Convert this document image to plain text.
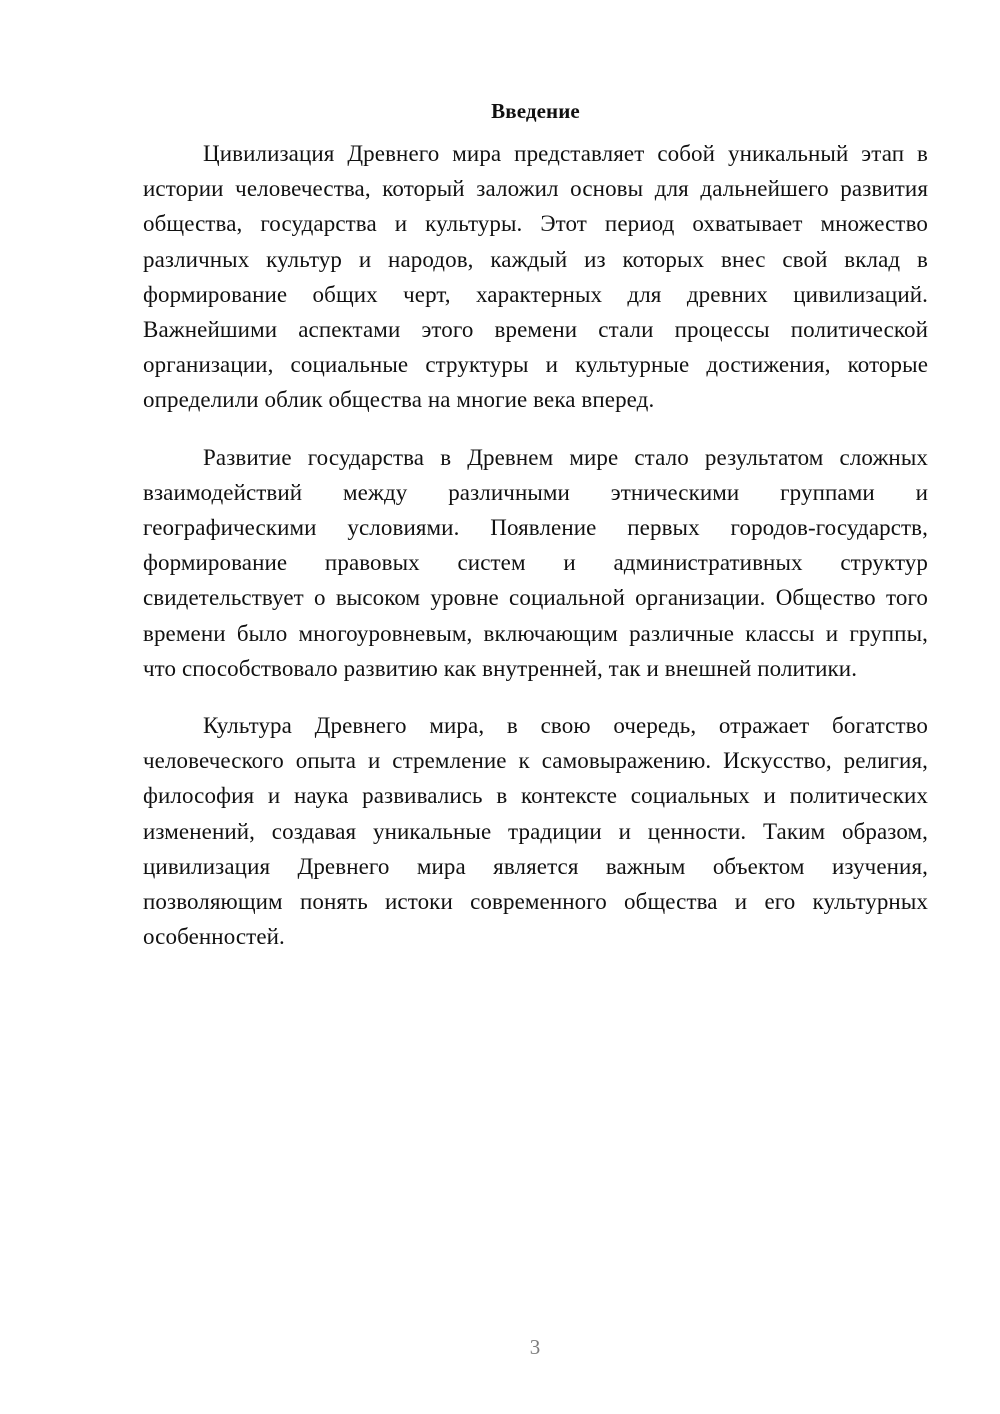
Введение

Цивилизация Древнего мира представляет собой уникальный этап в истории человечества, который заложил основы для дальнейшего развития общества, государства и культуры. Этот период охватывает множество различных культур и народов, каждый из которых внес свой вклад в формирование общих черт, характерных для древних цивилизаций. Важнейшими аспектами этого времени стали процессы политической организации, социальные структуры и культурные достижения, которые определили облик общества на многие века вперед.

Развитие государства в Древнем мире стало результатом сложных взаимодействий между различными этническими группами и географическими условиями. Появление первых городов-государств, формирование правовых систем и административных структур свидетельствует о высоком уровне социальной организации. Общество того времени было многоуровневым, включающим различные классы и группы, что способствовало развитию как внутренней, так и внешней политики.

Культура Древнего мира, в свою очередь, отражает богатство человеческого опыта и стремление к самовыражению. Искусство, религия, философия и наука развивались в контексте социальных и политических изменений, создавая уникальные традиции и ценности. Таким образом, цивилизация Древнего мира является важным объектом изучения, позволяющим понять истоки современного общества и его культурных особенностей.

3
